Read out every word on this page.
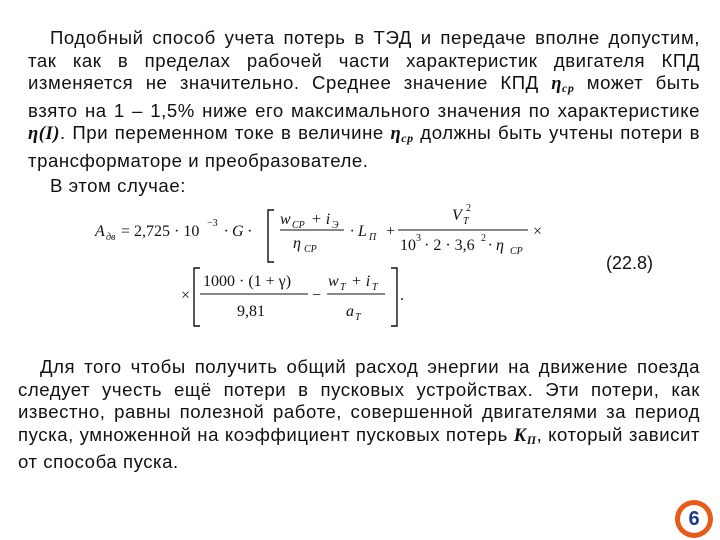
Подобный способ учета потерь в ТЭД и передаче вполне допустим, так как в пределах рабочей части характеристик двигателя КПД изменяется не значительно. Среднее значение КПД $\eta_{cp}$ может быть взято на 1 – 1,5% ниже его максимального значения по характеристике η(I). При переменном токе в величине $\eta_{cp}$ должны быть учтены потери в трансформаторе и преобразователе.

В этом случае:

A дв = 2,725 · 10 −3 · G ·
w CP + i Э
η CP
· L П +
V T
2
10 3 · 2 · 3,6 2 · η CP
×
×
1000 · (1 + γ)
9,81
−
w T + i T
a T
.
(22.8)

Для того чтобы получить общий расход энергии на движение поезда следует учесть ещё потери в пусковых устройствах. Эти потери, как известно, равны полезной работе, совершенной двигателями за период пуска, умноженной на коэффициент пусковых потерь $K_П$, который зависит от способа пуска.

6
